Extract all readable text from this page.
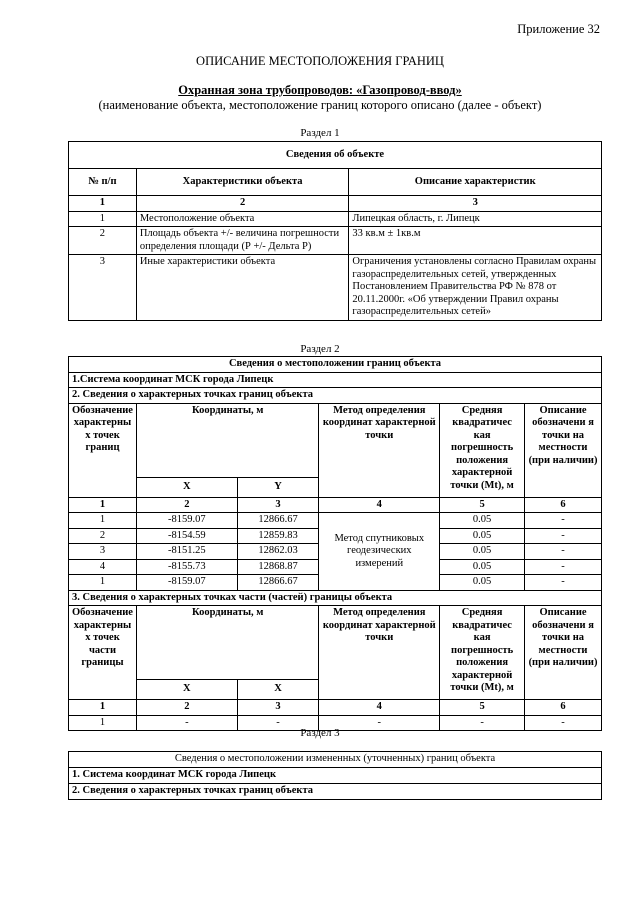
Приложение 32
ОПИСАНИЕ МЕСТОПОЛОЖЕНИЯ ГРАНИЦ
Охранная зона трубопроводов: «Газопровод-ввод»
(наименование объекта, местоположение границ которого описано (далее - объект)
Раздел 1
Сведения об объекте		
№ п/п	Характеристики объекта	Описание характеристик
1	2	3
1	Местоположение объекта	Липецкая область, г. Липецк
2	Площадь объекта +/- величина погрешности определения площади (Р +/- Дельта Р)	33 кв.м ± 1кв.м
3	Иные характеристики объекта	Ограничения установлены согласно Правилам охраны газораспределительных сетей, утвержденных Постановлением Правительства РФ № 878 от 20.11.2000г. «Об утверждении Правил охраны газораспределительных сетей»
Раздел 2
Сведения о местоположении границ объекта					
1.Система координат МСК города Липецк					
2. Сведения о характерных точках границ объекта					
Обозначение характерны х точек границ	Координаты, м		Метод определения координат характерной точки	Средняя квадратичес кая погрешность положения характерной точки (Mt), м	Описание обозначени я точки на местности (при наличии)
	X	Y			
1	2	3	4	5	6
1	-8159.07	12866.67	Метод спутниковых геодезических измерений	0.05	-
2	-8154.59	12859.83		0.05	-
3	-8151.25	12862.03		0.05	-
4	-8155.73	12868.87		0.05	-
1	-8159.07	12866.67		0.05	-
3. Сведения о характерных точках части (частей) границы объекта					
Обозначение характерны х точек части границы	Координаты, м		Метод определения координат характерной точки	Средняя квадратичес кая погрешность положения характерной точки (Mt), м	Описание обозначени я точки на местности (при наличии)
	X	X			
1	2	3	4	5	6
1	-	-	-	-	-
Раздел 3
Сведения о местоположении измененных (уточненных) границ объекта
1. Система координат МСК города Липецк
2. Сведения о характерных точках границ объекта
